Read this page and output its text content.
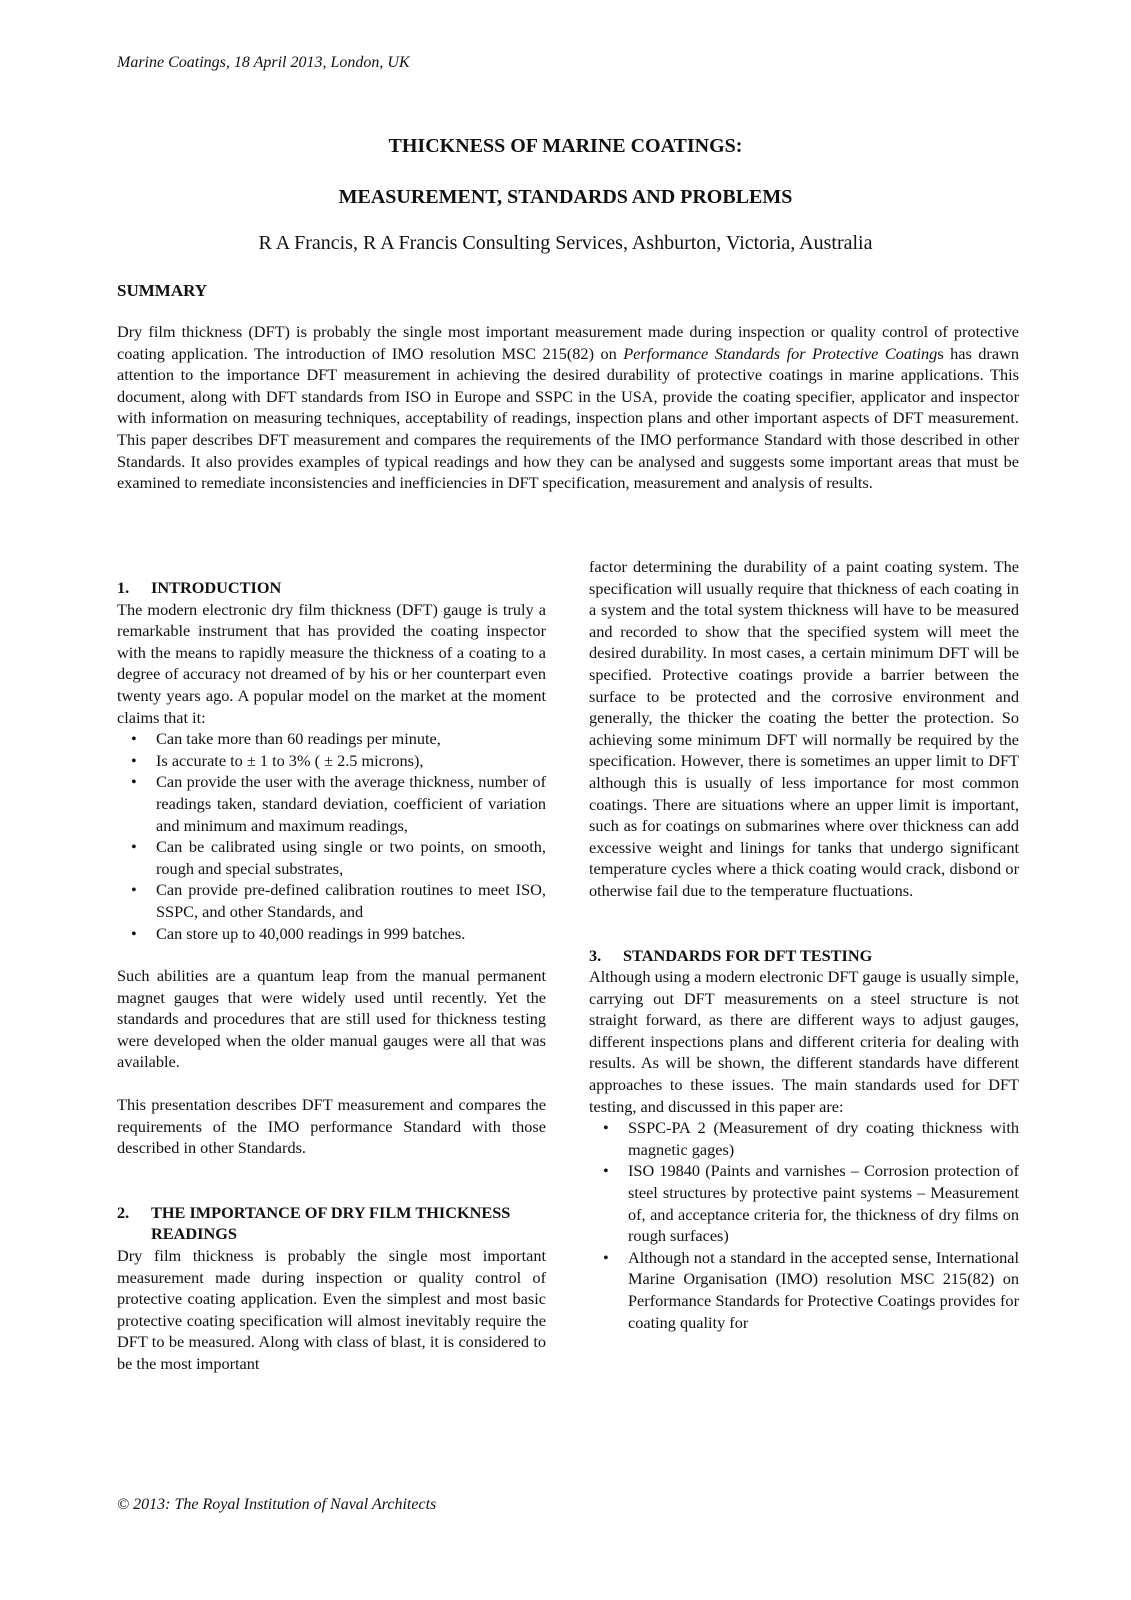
Marine Coatings, 18 April 2013, London, UK

THICKNESS OF MARINE COATINGS:
MEASUREMENT, STANDARDS AND PROBLEMS

R A Francis, R A Francis Consulting Services, Ashburton, Victoria, Australia

SUMMARY

Dry film thickness (DFT) is probably the single most important measurement made during inspection or quality control of protective coating application. The introduction of IMO resolution MSC 215(82) on Performance Standards for Protective Coatings has drawn attention to the importance DFT measurement in achieving the desired durability of protective coatings in marine applications. This document, along with DFT standards from ISO in Europe and SSPC in the USA, provide the coating specifier, applicator and inspector with information on measuring techniques, acceptability of readings, inspection plans and other important aspects of DFT measurement. This paper describes DFT measurement and compares the requirements of the IMO performance Standard with those described in other Standards. It also provides examples of typical readings and how they can be analysed and suggests some important areas that must be examined to remediate inconsistencies and inefficiencies in DFT specification, measurement and analysis of results.

1.	INTRODUCTION

The modern electronic dry film thickness (DFT) gauge is truly a remarkable instrument that has provided the coating inspector with the means to rapidly measure the thickness of a coating to a degree of accuracy not dreamed of by his or her counterpart even twenty years ago. A popular model on the market at the moment claims that it:

• Can take more than 60 readings per minute,
• Is accurate to ± 1 to 3% ( ± 2.5 microns),
• Can provide the user with the average thickness, number of readings taken, standard deviation, coefficient of variation and minimum and maximum readings,
• Can be calibrated using single or two points, on smooth, rough and special substrates,
• Can provide pre-defined calibration routines to meet ISO, SSPC, and other Standards, and
• Can store up to 40,000 readings in 999 batches.

Such abilities are a quantum leap from the manual permanent magnet gauges that were widely used until recently. Yet the standards and procedures that are still used for thickness testing were developed when the older manual gauges were all that was available.

This presentation describes DFT measurement and compares the requirements of the IMO performance Standard with those described in other Standards.

2.	THE IMPORTANCE OF DRY FILM THICKNESS READINGS

Dry film thickness is probably the single most important measurement made during inspection or quality control of protective coating application. Even the simplest and most basic protective coating specification will almost inevitably require the DFT to be measured. Along with class of blast, it is considered to be the most important

factor determining the durability of a paint coating system. The specification will usually require that thickness of each coating in a system and the total system thickness will have to be measured and recorded to show that the specified system will meet the desired durability. In most cases, a certain minimum DFT will be specified. Protective coatings provide a barrier between the surface to be protected and the corrosive environment and generally, the thicker the coating the better the protection. So achieving some minimum DFT will normally be required by the specification. However, there is sometimes an upper limit to DFT although this is usually of less importance for most common coatings. There are situations where an upper limit is important, such as for coatings on submarines where over thickness can add excessive weight and linings for tanks that undergo significant temperature cycles where a thick coating would crack, disbond or otherwise fail due to the temperature fluctuations.

3.	STANDARDS FOR DFT TESTING

Although using a modern electronic DFT gauge is usually simple, carrying out DFT measurements on a steel structure is not straight forward, as there are different ways to adjust gauges, different inspections plans and different criteria for dealing with results. As will be shown, the different standards have different approaches to these issues. The main standards used for DFT testing, and discussed in this paper are:

• SSPC-PA 2 (Measurement of dry coating thickness with magnetic gages)
• ISO 19840 (Paints and varnishes – Corrosion protection of steel structures by protective paint systems – Measurement of, and acceptance criteria for, the thickness of dry films on rough surfaces)
• Although not a standard in the accepted sense, International Marine Organisation (IMO) resolution MSC 215(82) on Performance Standards for Protective Coatings provides for coating quality for

© 2013: The Royal Institution of Naval Architects
